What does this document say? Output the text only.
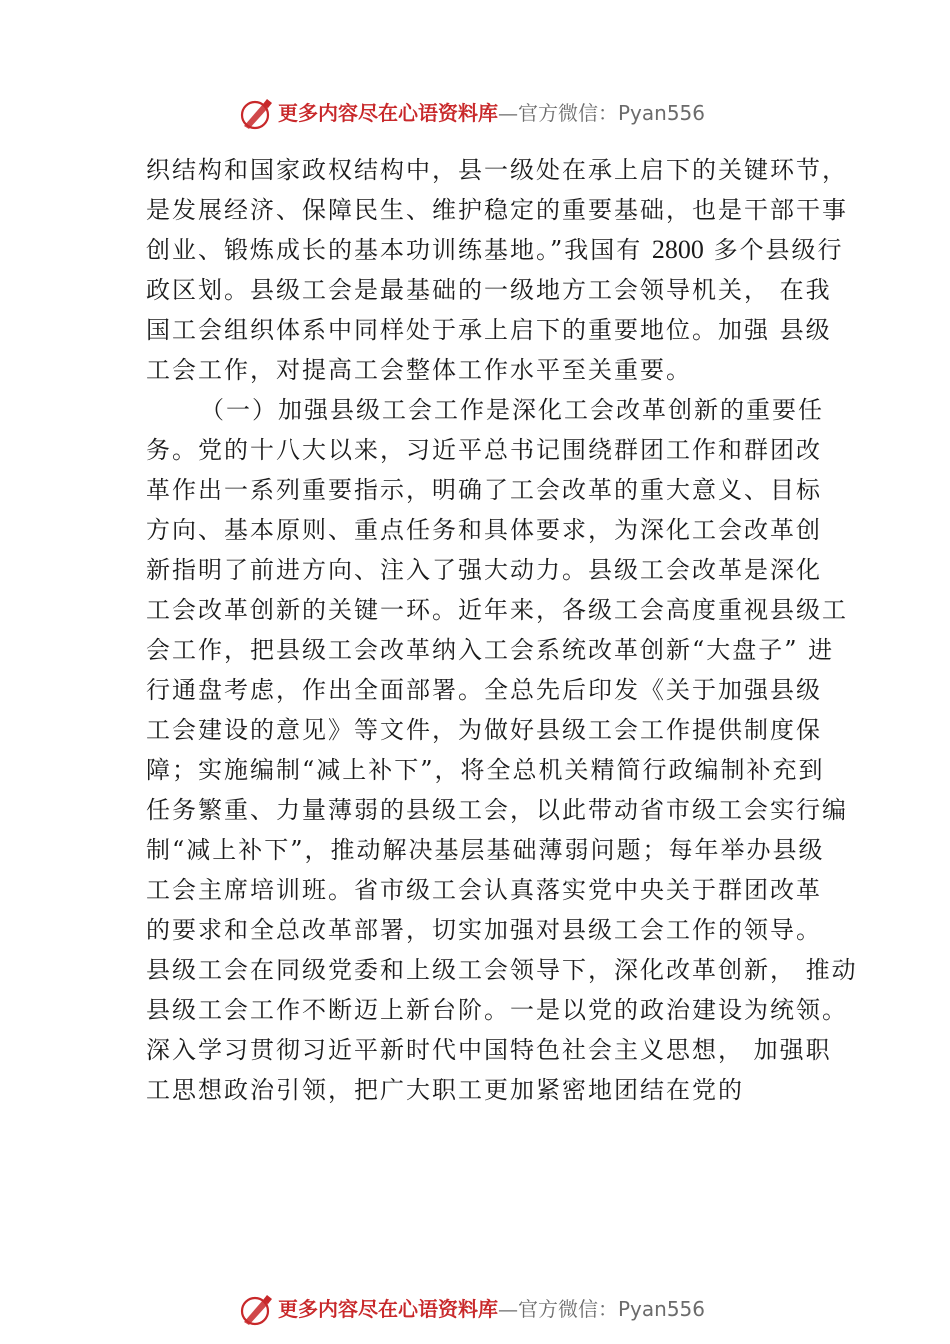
更多内容尽在心语资料库—官方微信：Pyan556
织结构和国家政权结构中，县一级处在承上启下的关键环节，
是发展经济、保障民生、维护稳定的重要基础，也是干部干事
创业、锻炼成长的基本功训练基地。”我国有 2800 多个县级行
政区划。县级工会是最基础的一级地方工会领导机关， 在我
国工会组织体系中同样处于承上启下的重要地位。加强 县级
工会工作，对提高工会整体工作水平至关重要。
（一）加强县级工会工作是深化工会改革创新的重要任
务。党的十八大以来，习近平总书记围绕群团工作和群团改
革作出一系列重要指示，明确了工会改革的重大意义、目标
方向、基本原则、重点任务和具体要求，为深化工会改革创
新指明了前进方向、注入了强大动力。县级工会改革是深化
工会改革创新的关键一环。近年来，各级工会高度重视县级工
会工作，把县级工会改革纳入工会系统改革创新“大盘子” 进
行通盘考虑，作出全面部署。全总先后印发《关于加强县级
工会建设的意见》等文件，为做好县级工会工作提供制度保
障；实施编制“减上补下”，将全总机关精简行政编制补充到
任务繁重、力量薄弱的县级工会，以此带动省市级工会实行编
制“减上补下”，推动解决基层基础薄弱问题；每年举办县级
工会主席培训班。省市级工会认真落实党中央关于群团改革
的要求和全总改革部署，切实加强对县级工会工作的领导。
县级工会在同级党委和上级工会领导下，深化改革创新， 推动
县级工会工作不断迈上新台阶。一是以党的政治建设为统领。
深入学习贯彻习近平新时代中国特色社会主义思想， 加强职
工思想政治引领，把广大职工更加紧密地团结在党的
更多内容尽在心语资料库—官方微信：Pyan556
